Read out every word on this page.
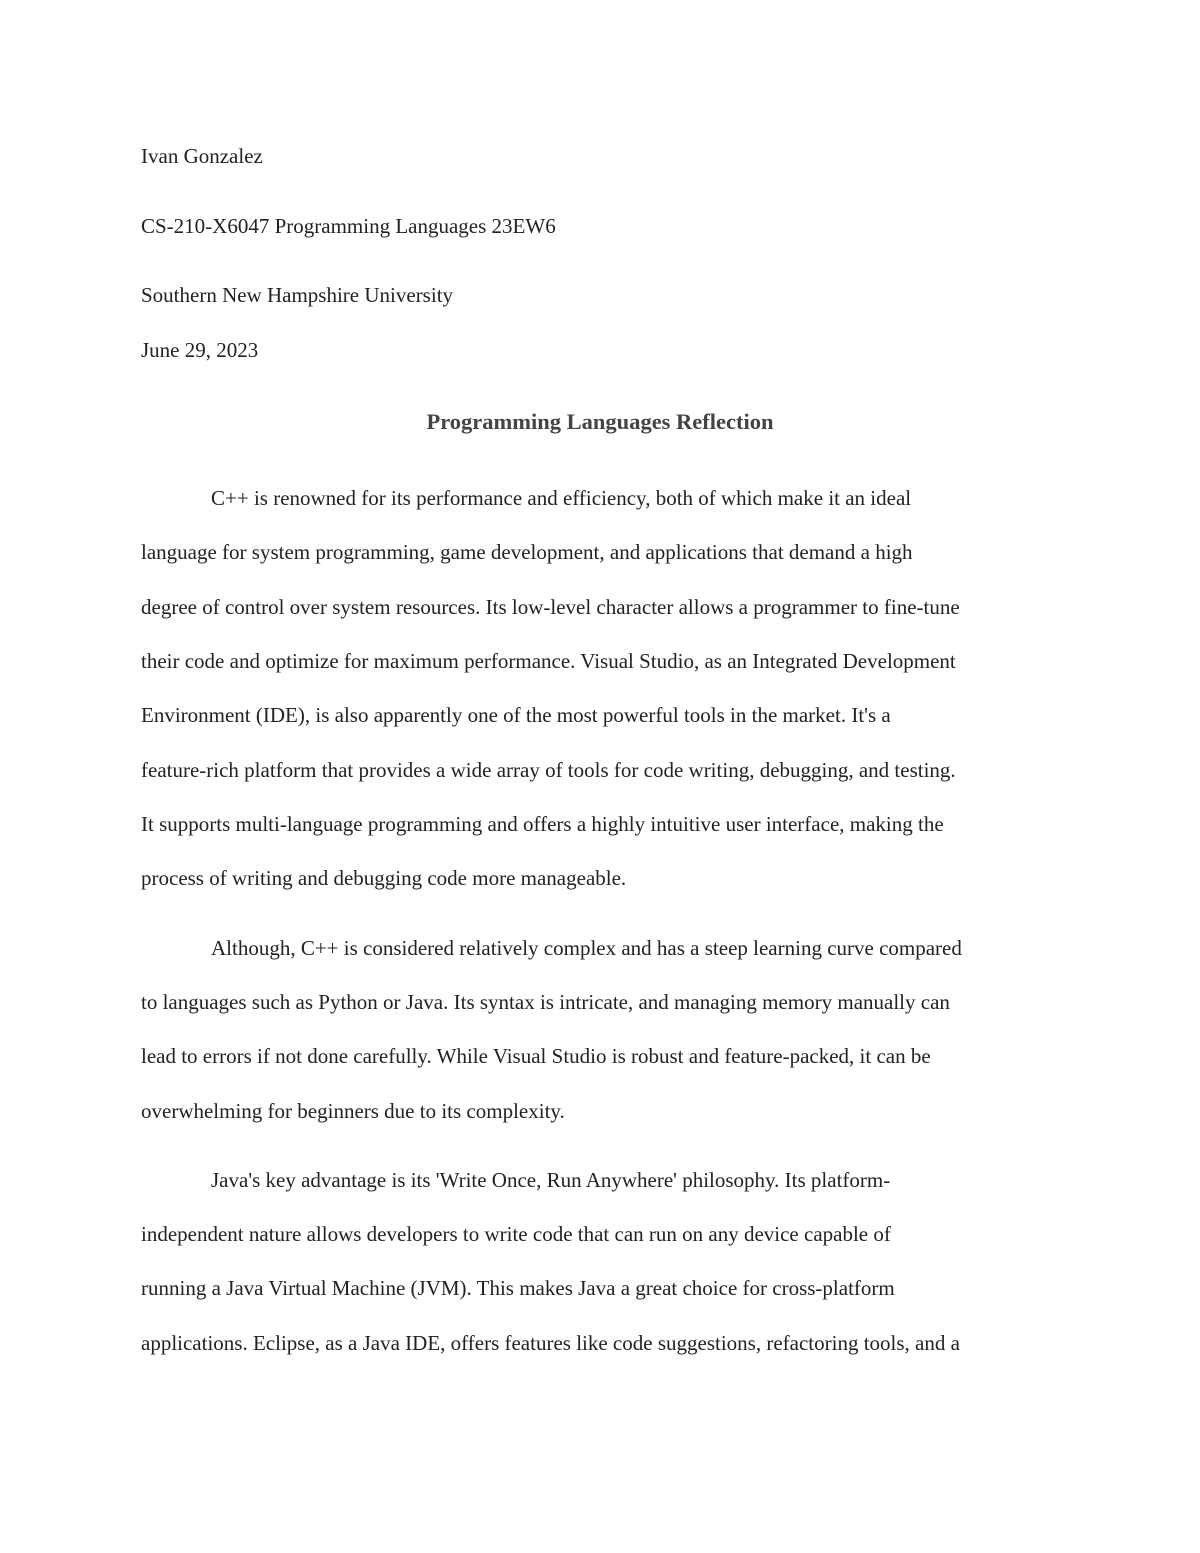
Ivan Gonzalez
CS-210-X6047 Programming Languages 23EW6
Southern New Hampshire University
June 29, 2023
Programming Languages Reflection
C++ is renowned for its performance and efficiency, both of which make it an ideal
language for system programming, game development, and applications that demand a high
degree of control over system resources. Its low-level character allows a programmer to fine-tune
their code and optimize for maximum performance. Visual Studio, as an Integrated Development
Environment (IDE), is also apparently one of the most powerful tools in the market. It's a
feature-rich platform that provides a wide array of tools for code writing, debugging, and testing.
It supports multi-language programming and offers a highly intuitive user interface, making the
process of writing and debugging code more manageable.
Although, C++ is considered relatively complex and has a steep learning curve compared
to languages such as Python or Java. Its syntax is intricate, and managing memory manually can
lead to errors if not done carefully. While Visual Studio is robust and feature-packed, it can be
overwhelming for beginners due to its complexity.
Java's key advantage is its 'Write Once, Run Anywhere' philosophy. Its platform-
independent nature allows developers to write code that can run on any device capable of
running a Java Virtual Machine (JVM). This makes Java a great choice for cross-platform
applications. Eclipse, as a Java IDE, offers features like code suggestions, refactoring tools, and a
